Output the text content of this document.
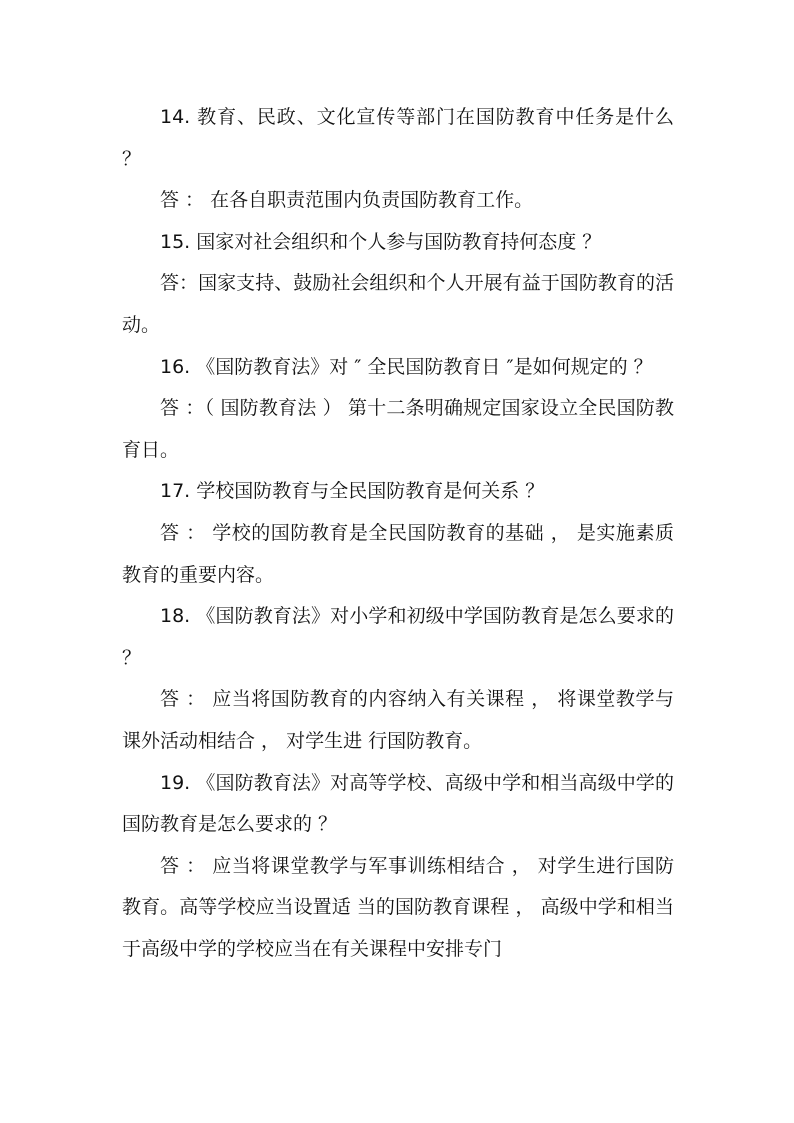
14. 教育、民政、文化宣传等部门在国防教育中任务是什么 ？

答 ： 在各自职责范围内负责国防教育工作。

15. 国家对社会组织和个人参与国防教育持何态度 ？

答：国家支持、鼓励社会组织和个人开展有益于国防教育的活动。

16. 《国防教育法》对 ″ 全民国防教育日 ″是如何规定的 ？

答 ：（ 国防教育法 ） 第十二条明确规定国家设立全民国防教育日。

17. 学校国防教育与全民国防教育是何关系 ？

答 ： 学校的国防教育是全民国防教育的基础 ， 是实施素质教育的重要内容。

18. 《国防教育法》对小学和初级中学国防教育是怎么要求的 ？

答 ： 应当将国防教育的内容纳入有关课程 ， 将课堂教学与课外活动相结合 ， 对学生进 行国防教育。

19. 《国防教育法》对高等学校、高级中学和相当高级中学的国防教育是怎么要求的 ？

答 ： 应当将课堂教学与军事训练相结合 ， 对学生进行国防教育。高等学校应当设置适 当的国防教育课程 ， 高级中学和相当于高级中学的学校应当在有关课程中安排专门
